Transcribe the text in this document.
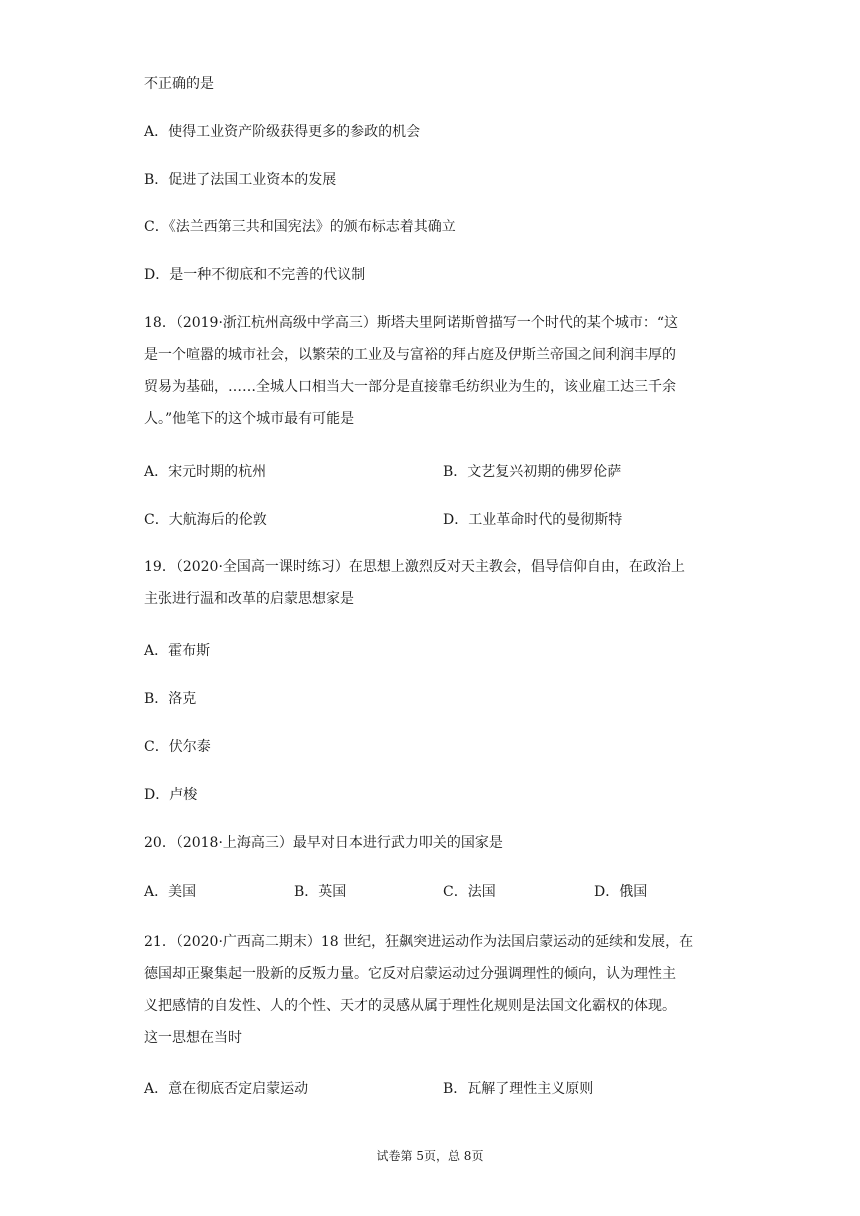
不正确的是
A．使得工业资产阶级获得更多的参政的机会
B．促进了法国工业资本的发展
C．《法兰西第三共和国宪法》的颁布标志着其确立
D．是一种不彻底和不完善的代议制
18．（2019·浙江杭州高级中学高三）斯塔夫里阿诺斯曾描写一个时代的某个城市：“这
是一个喧嚣的城市社会，以繁荣的工业及与富裕的拜占庭及伊斯兰帝国之间利润丰厚的
贸易为基础，……全城人口相当大一部分是直接靠毛纺织业为生的，该业雇工达三千余
人。”他笔下的这个城市最有可能是
A．宋元时期的杭州	B．文艺复兴初期的佛罗伦萨
C．大航海后的伦敦	D．工业革命时代的曼彻斯特
19．（2020·全国高一课时练习）在思想上激烈反对天主教会，倡导信仰自由，在政治上
主张进行温和改革的启蒙思想家是
A．霍布斯
B．洛克
C．伏尔泰
D．卢梭
20．（2018·上海高三）最早对日本进行武力叩关的国家是
A．美国	B．英国	C．法国	D．俄国
21．（2020·广西高二期末）18 世纪，狂飙突进运动作为法国启蒙运动的延续和发展，在
德国却正聚集起一股新的反叛力量。它反对启蒙运动过分强调理性的倾向，认为理性主
义把感情的自发性、人的个性、天才的灵感从属于理性化规则是法国文化霸权的体现。
这一思想在当时
A．意在彻底否定启蒙运动	B．瓦解了理性主义原则
试卷第 5页，总 8页
